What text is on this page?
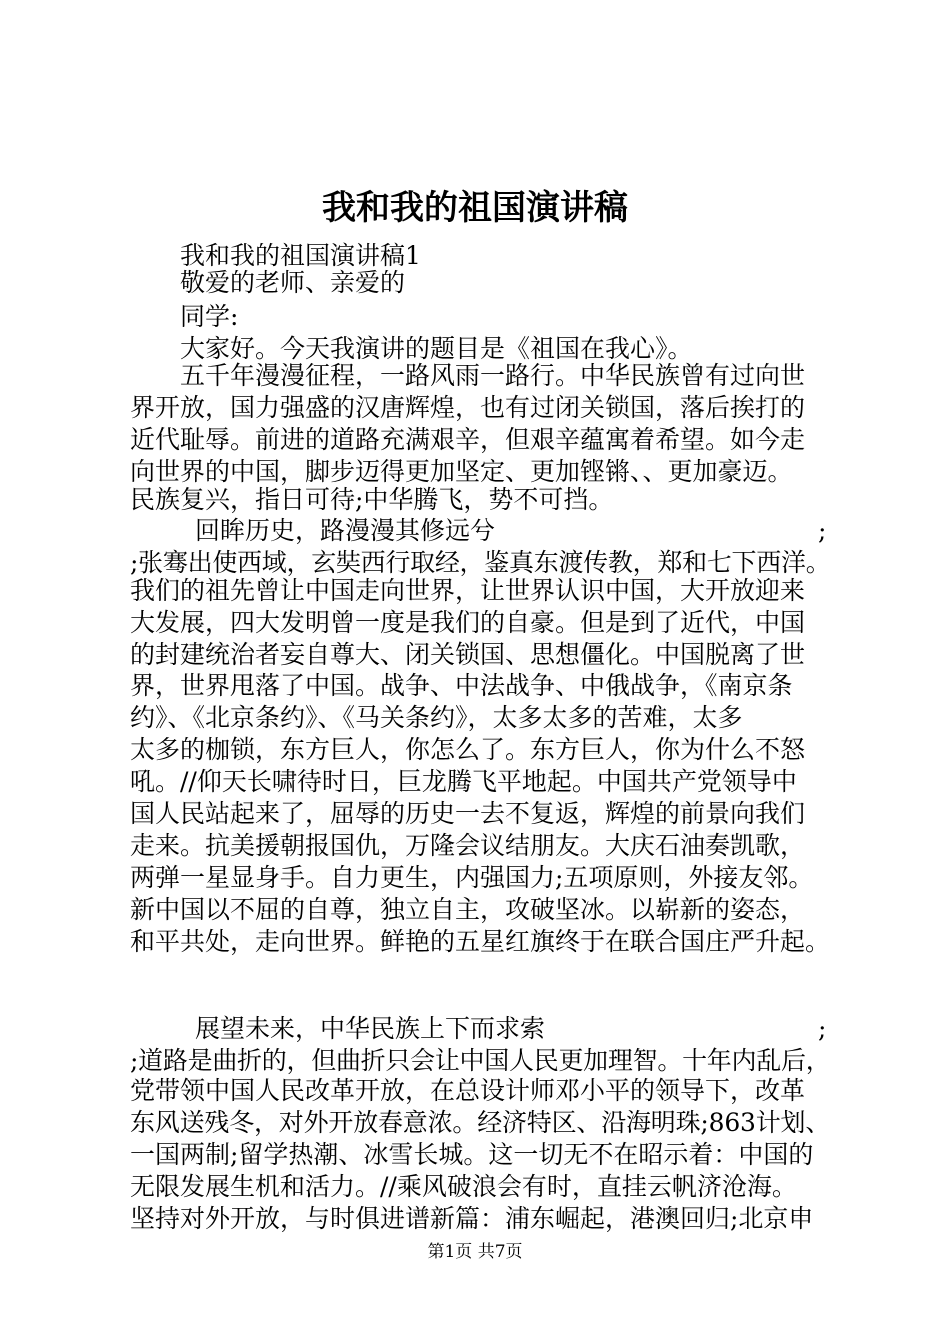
我和我的祖国演讲稿
我和我的祖国演讲稿1
敬爱的老师、亲爱的
同学:
大家好。今天我演讲的题目是《祖国在我心》。
五千年漫漫征程，一路风雨一路行。中华民族曾有过向世
界开放，国力强盛的汉唐辉煌，也有过闭关锁国，落后挨打的
近代耻辱。前进的道路充满艰辛，但艰辛蕴寓着希望。如今走
向世界的中国，脚步迈得更加坚定、更加铿锵、、更加豪迈。
民族复兴，指日可待;中华腾飞，势不可挡。
回眸历史，路漫漫其修远兮	;
;张骞出使西域，玄奘西行取经，鉴真东渡传教，郑和七下西洋。
我们的祖先曾让中国走向世界，让世界认识中国，大开放迎来
大发展，四大发明曾一度是我们的自豪。但是到了近代，中国
的封建统治者妄自尊大、闭关锁国、思想僵化。中国脱离了世
界，世界甩落了中国。战争、中法战争、中俄战争，《南京条
约》、《北京条约》、《马关条约》，太多太多的苦难，太多
太多的枷锁，东方巨人，你怎么了。东方巨人，你为什么不怒
吼。//仰天长啸待时日，巨龙腾飞平地起。中国共产党领导中
国人民站起来了，屈辱的历史一去不复返，辉煌的前景向我们
走来。抗美援朝报国仇，万隆会议结朋友。大庆石油奏凯歌，
两弹一星显身手。自力更生，内强国力;五项原则，外接友邻。
新中国以不屈的自尊，独立自主，攻破坚冰。以崭新的姿态，
和平共处，走向世界。鲜艳的五星红旗终于在联合国庄严升起。
展望未来，中华民族上下而求索	;
;道路是曲折的，但曲折只会让中国人民更加理智。十年内乱后，
党带领中国人民改革开放，在总设计师邓小平的领导下，改革
东风送残冬，对外开放春意浓。经济特区、沿海明珠;863计划、
一国两制;留学热潮、冰雪长城。这一切无不在昭示着：中国的
无限发展生机和活力。//乘风破浪会有时，直挂云帆济沧海。
坚持对外开放，与时俱进谱新篇：浦东崛起，港澳回归;北京申
第1页 共7页
